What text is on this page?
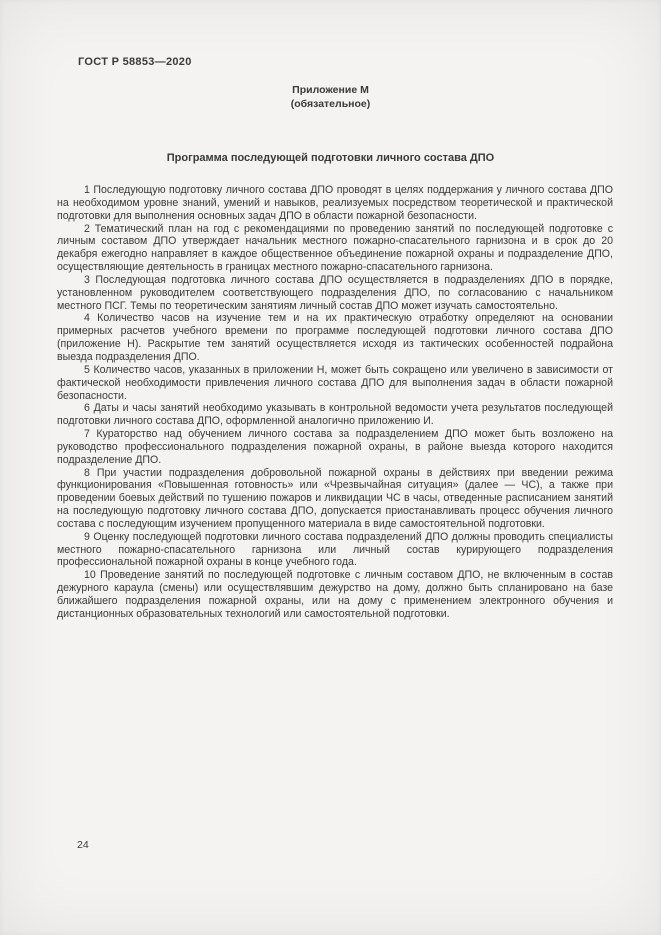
ГОСТ Р 58853—2020
Приложение М
(обязательное)
Программа последующей подготовки личного состава ДПО

1 Последующую подготовку личного состава ДПО проводят в целях поддержания у личного состава ДПО на необходимом уровне знаний, умений и навыков, реализуемых посредством теоретической и практической подготовки для выполнения основных задач ДПО в области пожарной безопасности.

2 Тематический план на год с рекомендациями по проведению занятий по последующей подготовке с личным составом ДПО утверждает начальник местного пожарно-спасательного гарнизона и в срок до 20 декабря ежегодно направляет в каждое общественное объединение пожарной охраны и подразделение ДПО, осуществляющие деятельность в границах местного пожарно-спасательного гарнизона.

3 Последующая подготовка личного состава ДПО осуществляется в подразделениях ДПО в порядке, установленном руководителем соответствующего подразделения ДПО, по согласованию с начальником местного ПСГ. Темы по теоретическим занятиям личный состав ДПО может изучать самостоятельно.

4 Количество часов на изучение тем и на их практическую отработку определяют на основании примерных расчетов учебного времени по программе последующей подготовки личного состава ДПО (приложение Н). Раскрытие тем занятий осуществляется исходя из тактических особенностей подрайона выезда подразделения ДПО.

5 Количество часов, указанных в приложении Н, может быть сокращено или увеличено в зависимости от фактической необходимости привлечения личного состава ДПО для выполнения задач в области пожарной безопасности.

6 Даты и часы занятий необходимо указывать в контрольной ведомости учета результатов последующей подготовки личного состава ДПО, оформленной аналогично приложению И.

7 Кураторство над обучением личного состава за подразделением ДПО может быть возложено на руководство профессионального подразделения пожарной охраны, в районе выезда которого находится подразделение ДПО.

8 При участии подразделения добровольной пожарной охраны в действиях при введении режима функционирования «Повышенная готовность» или «Чрезвычайная ситуация» (далее — ЧС), а также при проведении боевых действий по тушению пожаров и ликвидации ЧС в часы, отведенные расписанием занятий на последующую подготовку личного состава ДПО, допускается приостанавливать процесс обучения личного состава с последующим изучением пропущенного материала в виде самостоятельной подготовки.

9 Оценку последующей подготовки личного состава подразделений ДПО должны проводить специалисты местного пожарно-спасательного гарнизона или личный состав курирующего подразделения профессиональной пожарной охраны в конце учебного года.

10 Проведение занятий по последующей подготовке с личным составом ДПО, не включенным в состав дежурного караула (смены) или осуществлявшим дежурство на дому, должно быть спланировано на базе ближайшего подразделения пожарной охраны, или на дому с применением электронного обучения и дистанционных образовательных технологий или самостоятельной подготовки.

24
